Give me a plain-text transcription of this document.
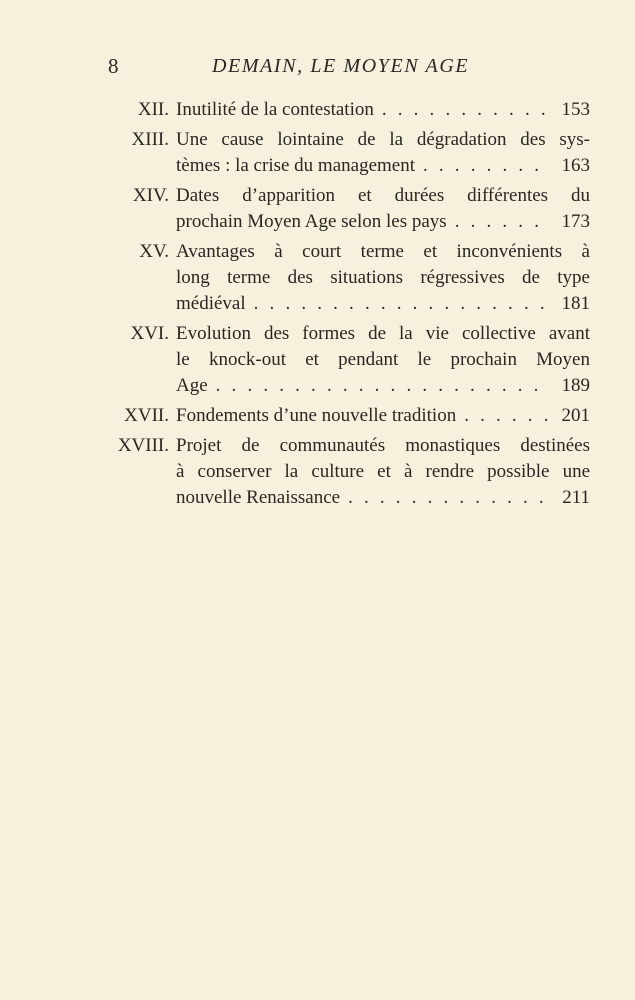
8	DEMAIN, LE MOYEN AGE
XII. Inutilité de la contestation . . .	153
XIII. Une cause lointaine de la dégradation des sys-
tèmes : la crise du management . . .	163
XIV. Dates d’apparition et durées différentes du
prochain Moyen Age selon les pays . . .	173
XV. Avantages à court terme et inconvénients à
long terme des situations régressives de type
médiéval . . .	181
XVI. Evolution des formes de la vie collective avant
le knock-out et pendant le prochain Moyen
Age . . .	189
XVII. Fondements d’une nouvelle tradition . . .	201
XVIII. Projet de communautés monastiques destinées
à conserver la culture et à rendre possible une
nouvelle Renaissance . . .	211
